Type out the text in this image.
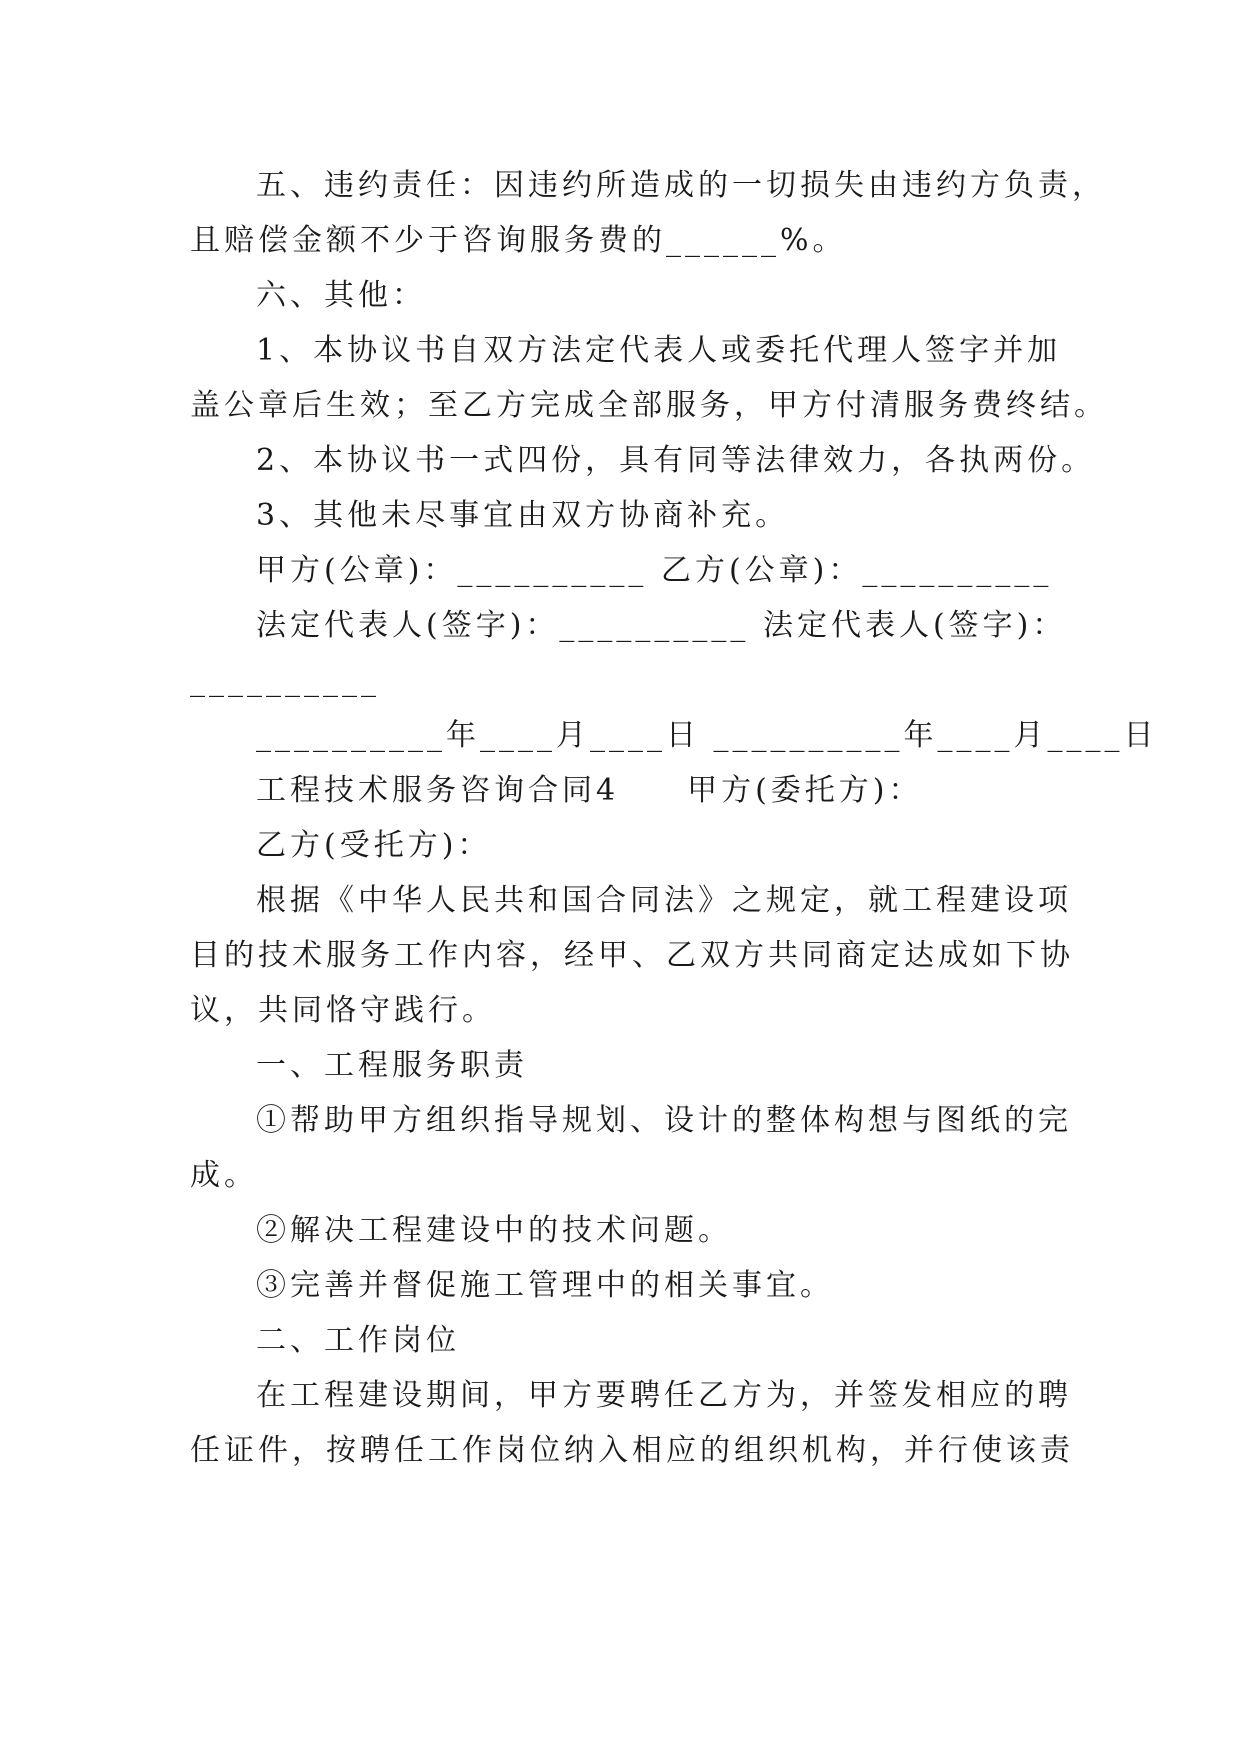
五、违约责任：因违约所造成的一切损失由违约方负责，
且赔偿金额不少于咨询服务费的______%。
六、其他：
1、本协议书自双方法定代表人或委托代理人签字并加
盖公章后生效；至乙方完成全部服务，甲方付清服务费终结。
2、本协议书一式四份，具有同等法律效力，各执两份。
3、其他未尽事宜由双方协商补充。
甲方(公章)：__________ 乙方(公章)：__________
法定代表人(签字)：__________ 法定代表人(签字)：
__________
__________年____月____日 __________年____月____日
工程技术服务咨询合同4　　甲方(委托方)：
乙方(受托方)：
根据《中华人民共和国合同法》之规定，就工程建设项
目的技术服务工作内容，经甲、乙双方共同商定达成如下协
议，共同恪守践行。
一、工程服务职责
①帮助甲方组织指导规划、设计的整体构想与图纸的完
成。
②解决工程建设中的技术问题。
③完善并督促施工管理中的相关事宜。
二、工作岗位
在工程建设期间，甲方要聘任乙方为，并签发相应的聘
任证件，按聘任工作岗位纳入相应的组织机构，并行使该责
